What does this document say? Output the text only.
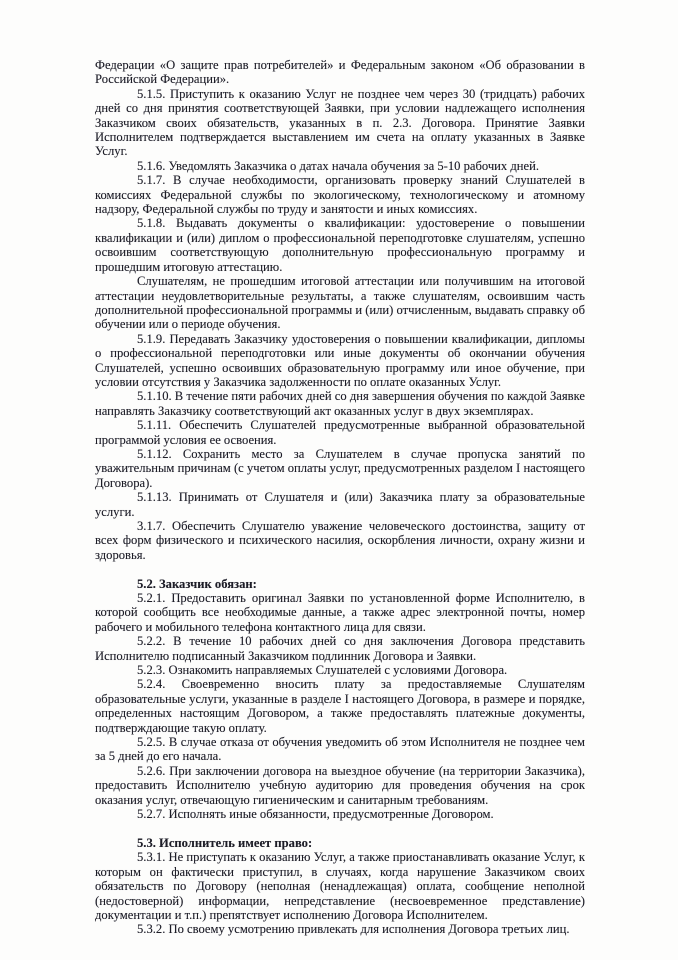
Федерации «О защите прав потребителей» и Федеральным законом «Об образовании в Российской Федерации».

5.1.5. Приступить к оказанию Услуг не позднее чем через 30 (тридцать) рабочих дней со дня принятия соответствующей Заявки, при условии надлежащего исполнения Заказчиком своих обязательств, указанных в п. 2.3. Договора. Принятие Заявки Исполнителем подтверждается выставлением им счета на оплату указанных в Заявке Услуг.

5.1.6. Уведомлять Заказчика о датах начала обучения за 5-10 рабочих дней.

5.1.7. В случае необходимости, организовать проверку знаний Слушателей в комиссиях Федеральной службы по экологическому, технологическому и атомному надзору, Федеральной службы по труду и занятости и иных комиссиях.

5.1.8. Выдавать документы о квалификации: удостоверение о повышении квалификации и (или) диплом о профессиональной переподготовке слушателям, успешно освоившим соответствующую дополнительную профессиональную программу и прошедшим итоговую аттестацию.

Слушателям, не прошедшим итоговой аттестации или получившим на итоговой аттестации неудовлетворительные результаты, а также слушателям, освоившим часть дополнительной профессиональной программы и (или) отчисленным, выдавать справку об обучении или о периоде обучения.

5.1.9. Передавать Заказчику удостоверения о повышении квалификации, дипломы о профессиональной переподготовки или иные документы об окончании обучения Слушателей, успешно освоивших образовательную программу или иное обучение, при условии отсутствия у Заказчика задолженности по оплате оказанных Услуг.

5.1.10. В течение пяти рабочих дней со дня завершения обучения по каждой Заявке направлять Заказчику соответствующий акт оказанных услуг в двух экземплярах.

5.1.11. Обеспечить Слушателей предусмотренные выбранной образовательной программой условия ее освоения.

5.1.12. Сохранить место за Слушателем в случае пропуска занятий по уважительным причинам (с учетом оплаты услуг, предусмотренных разделом I настоящего Договора).

5.1.13. Принимать от Слушателя и (или) Заказчика плату за образовательные услуги.

3.1.7. Обеспечить Слушателю уважение человеческого достоинства, защиту от всех форм физического и психического насилия, оскорбления личности, охрану жизни и здоровья.

5.2. Заказчик обязан:

5.2.1. Предоставить оригинал Заявки по установленной форме Исполнителю, в которой сообщить все необходимые данные, а также адрес электронной почты, номер рабочего и мобильного телефона контактного лица для связи.

5.2.2. В течение 10 рабочих дней со дня заключения Договора представить Исполнителю подписанный Заказчиком подлинник Договора и Заявки.

5.2.3. Ознакомить направляемых Слушателей с условиями Договора.

5.2.4. Своевременно вносить плату за предоставляемые Слушателям образовательные услуги, указанные в разделе I настоящего Договора, в размере и порядке, определенных настоящим Договором, а также предоставлять платежные документы, подтверждающие такую оплату.

5.2.5. В случае отказа от обучения уведомить об этом Исполнителя не позднее чем за 5 дней до его начала.

5.2.6. При заключении договора на выездное обучение (на территории Заказчика), предоставить Исполнителю учебную аудиторию для проведения обучения на срок оказания услуг, отвечающую гигиеническим и санитарным требованиям.

5.2.7. Исполнять иные обязанности, предусмотренные Договором.

5.3. Исполнитель имеет право:

5.3.1. Не приступать к оказанию Услуг, а также приостанавливать оказание Услуг, к которым он фактически приступил, в случаях, когда нарушение Заказчиком своих обязательств по Договору (неполная (ненадлежащая) оплата, сообщение неполной (недостоверной) информации, непредставление (несвоевременное представление) документации и т.п.) препятствует исполнению Договора Исполнителем.

5.3.2. По своему усмотрению привлекать для исполнения Договора третьих лиц.
